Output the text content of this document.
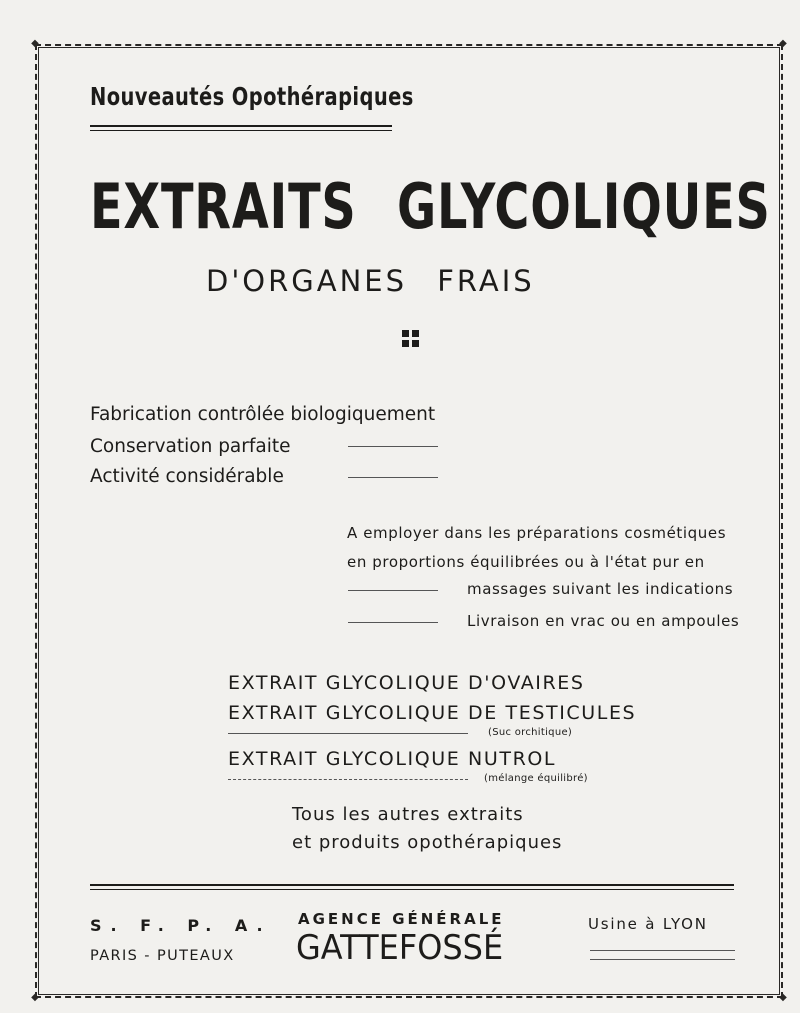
◆	◆
◆	◆
Nouveautés Opothérapiques
EXTRAITS GLYCOLIQUES
D'ORGANES FRAIS
Fabrication contrôlée biologiquement
Conservation parfaite
Activité considérable
A employer dans les préparations cosmétiques
en proportions équilibrées ou à l'état pur en
massages suivant les indications
Livraison en vrac ou en ampoules
EXTRAIT GLYCOLIQUE D'OVAIRES
EXTRAIT GLYCOLIQUE DE TESTICULES
(Suc orchitique)
EXTRAIT GLYCOLIQUE NUTROL
(mélange équilibré)
Tous les autres extraits
et produits opothérapiques
S. F. P. A.
PARIS - PUTEAUX
AGENCE GÉNÉRALE
GATTEFOSSÉ
Usine à LYON
